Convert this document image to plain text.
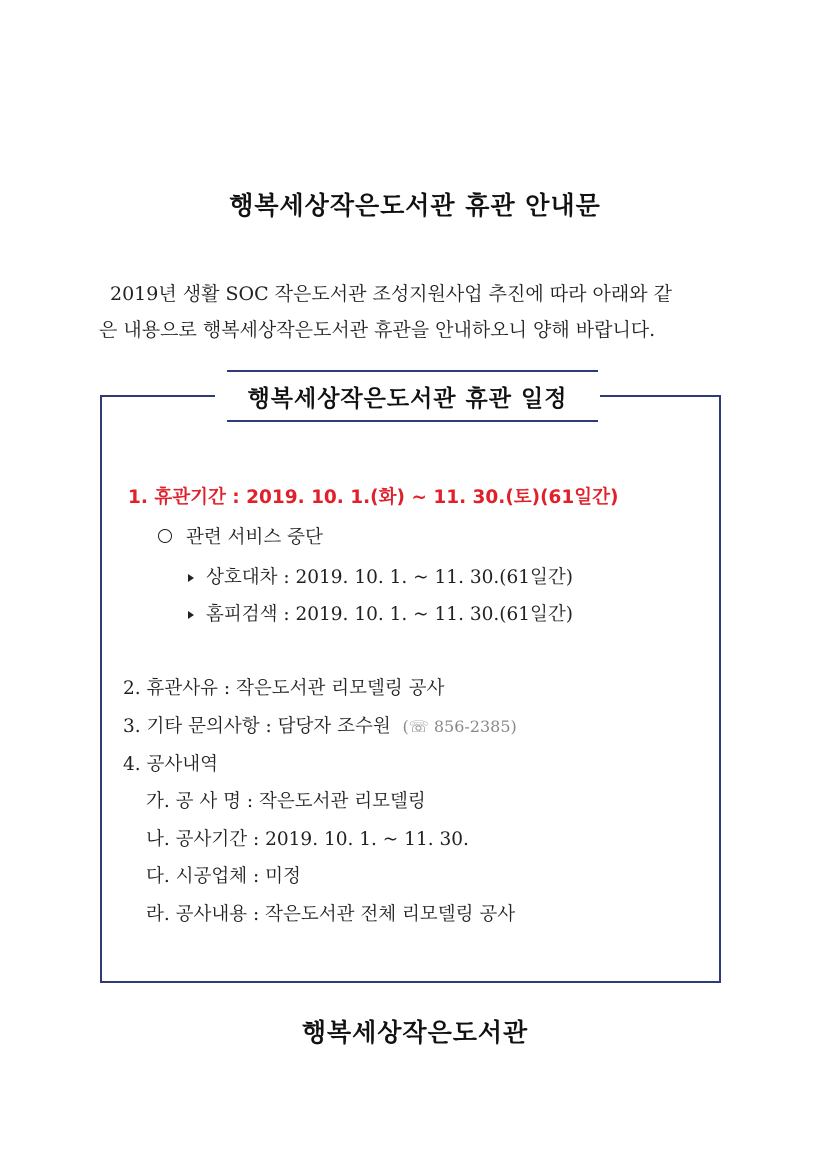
행복세상작은도서관 휴관 안내문

2019년 생활 SOC 작은도서관 조성지원사업 추진에 따라 아래와 같

은 내용으로 행복세상작은도서관 휴관을 안내하오니 양해 바랍니다.

행복세상작은도서관 휴관 일정
1. 휴관기간 : 2019. 10. 1.(화) ~ 11. 30.(토)(61일간)
관련 서비스 중단
상호대차 : 2019. 10. 1. ~ 11. 30.(61일간)
홈피검색 : 2019. 10. 1. ~ 11. 30.(61일간)
2. 휴관사유 : 작은도서관 리모델링 공사
3. 기타 문의사항 : 담당자 조수원 (☏ 856-2385)
4. 공사내역
가. 공 사 명 : 작은도서관 리모델링
나. 공사기간 : 2019. 10. 1. ~ 11. 30.
다. 시공업체 : 미정
라. 공사내용 : 작은도서관 전체 리모델링 공사
행복세상작은도서관
